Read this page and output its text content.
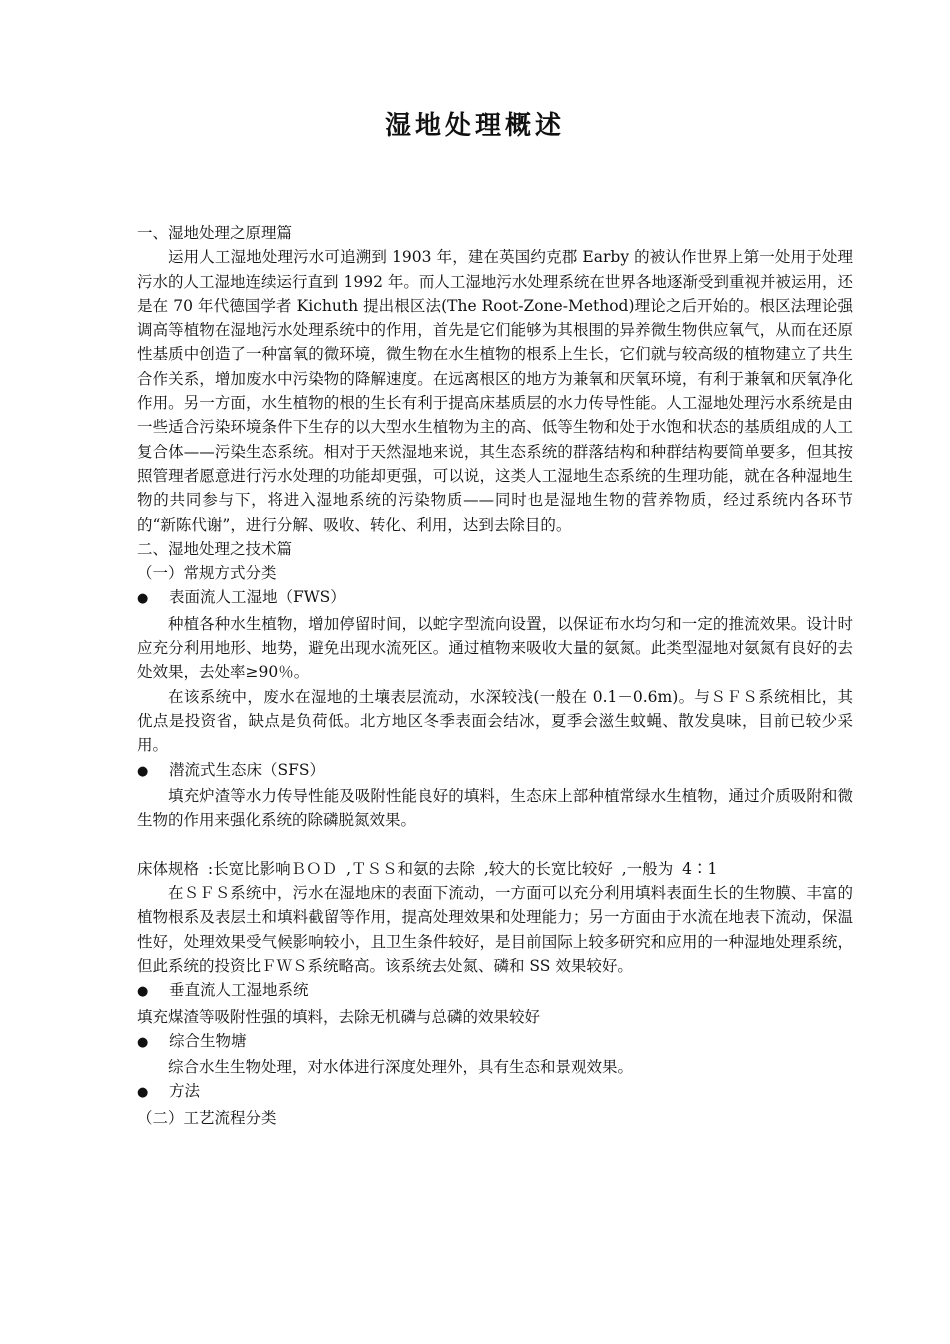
湿地处理概述

一、湿地处理之原理篇

运用人工湿地处理污水可追溯到 1903 年，建在英国约克郡 Earby 的被认作世界上第一处用于处理污水的人工湿地连续运行直到 1992 年。而人工湿地污水处理系统在世界各地逐渐受到重视并被运用，还是在 70 年代德国学者 Kichuth 提出根区法(The Root-Zone-Method)理论之后开始的。根区法理论强调高等植物在湿地污水处理系统中的作用，首先是它们能够为其根围的异养微生物供应氧气，从而在还原性基质中创造了一种富氧的微环境，微生物在水生植物的根系上生长，它们就与较高级的植物建立了共生合作关系，增加废水中污染物的降解速度。在远离根区的地方为兼氧和厌氧环境，有利于兼氧和厌氧净化作用。另一方面，水生植物的根的生长有利于提高床基质层的水力传导性能。人工湿地处理污水系统是由一些适合污染环境条件下生存的以大型水生植物为主的高、低等生物和处于水饱和状态的基质组成的人工复合体——污染生态系统。相对于天然湿地来说，其生态系统的群落结构和种群结构要简单要多，但其按照管理者愿意进行污水处理的功能却更强，可以说，这类人工湿地生态系统的生理功能，就在各种湿地生物的共同参与下，将进入湿地系统的污染物质——同时也是湿地生物的营养物质，经过系统内各环节的“新陈代谢”，进行分解、吸收、转化、利用，达到去除目的。

二、湿地处理之技术篇

（一）常规方式分类

●	表面流人工湿地（FWS）

种植各种水生植物，增加停留时间，以蛇字型流向设置，以保证布水均匀和一定的推流效果。设计时应充分利用地形、地势，避免出现水流死区。通过植物来吸收大量的氨氮。此类型湿地对氨氮有良好的去处效果，去处率≥90％。

在该系统中，废水在湿地的土壤表层流动，水深较浅(一般在 0.1－0.6m)。与ＳＦＳ系统相比，其优点是投资省，缺点是负荷低。北方地区冬季表面会结冰，夏季会滋生蚊蝇、散发臭味，目前已较少采用。

●	潜流式生态床（SFS）

填充炉渣等水力传导性能及吸附性能良好的填料，生态床上部种植常绿水生植物，通过介质吸附和微生物的作用来强化系统的除磷脱氮效果。

床体规格 :长宽比影响ＢＯＤ ,ＴＳＳ和氨的去除 ,较大的长宽比较好 ,一般为 4∶1

在ＳＦＳ系统中，污水在湿地床的表面下流动，一方面可以充分利用填料表面生长的生物膜、丰富的植物根系及表层土和填料截留等作用，提高处理效果和处理能力；另一方面由于水流在地表下流动，保温性好，处理效果受气候影响较小，且卫生条件较好，是目前国际上较多研究和应用的一种湿地处理系统，但此系统的投资比ＦＷＳ系统略高。该系统去处氮、磷和 SS 效果较好。

●	垂直流人工湿地系统

填充煤渣等吸附性强的填料，去除无机磷与总磷的效果较好

●	综合生物塘

综合水生生物处理，对水体进行深度处理外，具有生态和景观效果。

●	方法

（二）工艺流程分类
